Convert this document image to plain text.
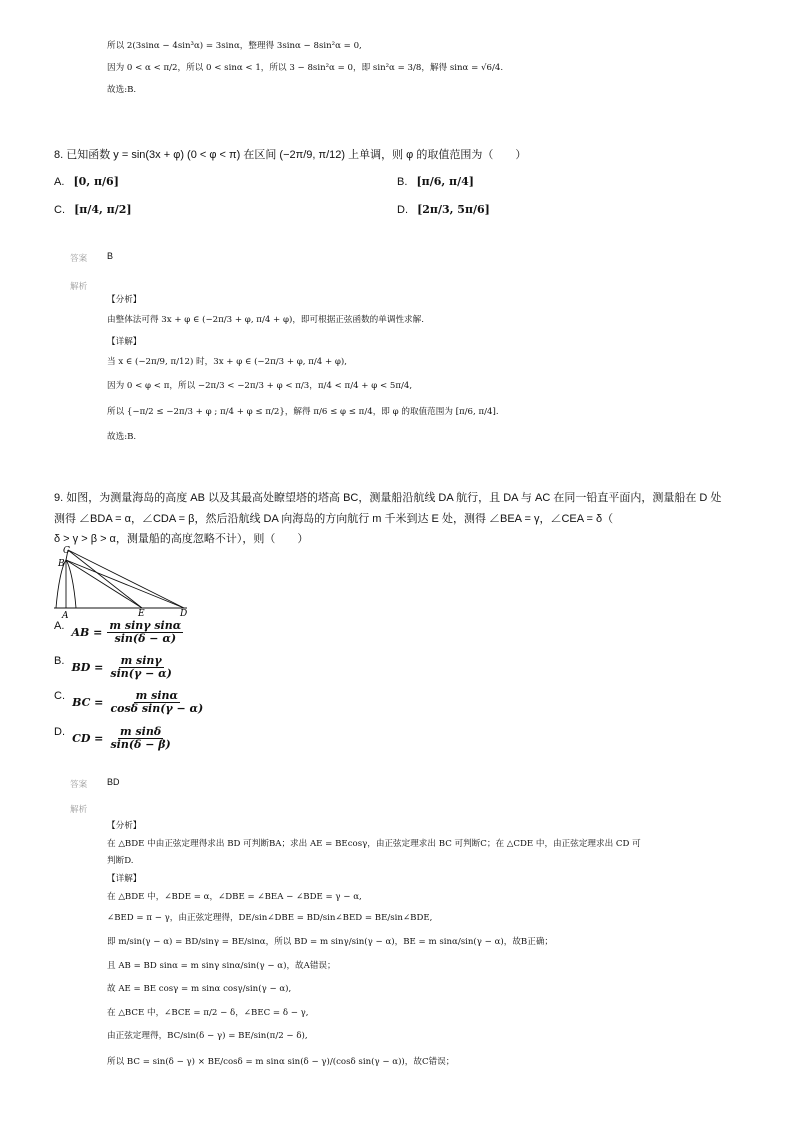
所以 2(3sinα − 4sin³α) = 3sinα，整理得 3sinα − 8sin²α = 0,
因为 0 < α < π/2，所以 0 < sinα < 1，所以 3 − 8sin²α = 0，即 sin²α = 3/8，解得 sinα = √6/4.
故选:B.
8. 已知函数 y = sin(3x + φ) (0 < φ < π) 在区间 (−2π/9, π/12) 上单调，则 φ 的取值范围为（　　）
A. [0, π/6]	B. [π/6, π/4]
C. [π/4, π/2]	D. [2π/3, 5π/6]
答案 B
解析
【分析】
由整体法可得 3x + φ ∈ (−2π/3 + φ, π/4 + φ)，即可根据正弦函数的单调性求解.
【详解】
当 x ∈ (−2π/9, π/12) 时，3x + φ ∈ (−2π/3 + φ, π/4 + φ),
因为 0 < φ < π，所以 −2π/3 < −2π/3 + φ < π/3，π/4 < π/4 + φ < 5π/4,
所以 {−π/2 ≤ −2π/3 + φ ; π/4 + φ ≤ π/2}，解得 π/6 ≤ φ ≤ π/4，即 φ 的取值范围为 [π/6, π/4].
故选:B.
9. 如图，为测量海岛的高度 AB 以及其最高处瞭望塔的塔高 BC，测量船沿航线 DA 航行，且 DA 与 AC 在同一铅直平面内，测量船在 D 处
测得 ∠BDA = α，∠CDA = β，然后沿航线 DA 向海岛的方向航行 m 千米到达 E 处，测得 ∠BEA = γ，∠CEA = δ（
δ > γ > β > α，测量船的高度忽略不计），则（　　）
C
B
A	E	D
A. AB = $\frac{\text{m sinγ sinα}}{\sin(\delta - \alpha)}$
B. BD = $\frac{\text{m sinγ}}{\sin(\gamma - \alpha)}$
C. BC = $\frac{\text{m sinα}}{\text{cosδ sin(γ − α)}}$
D. CD = $\frac{\text{m sinδ}}{\sin(\delta - \beta)}$
答案 BD
解析
【分析】
在 △BDE 中由正弦定理得求出 BD 可判断BA；求出 AE = BEcosγ，由正弦定理求出 BC 可判断C；在 △CDE 中，由正弦定理求出 CD 可
判断D.
【详解】
在 △BDE 中，∠BDE = α，∠DBE = ∠BEA − ∠BDE = γ − α,
∠BED = π − γ，由正弦定理得，DE/sin∠DBE = BD/sin∠BED = BE/sin∠BDE,
即 m/sin(γ − α) = BD/sinγ = BE/sinα，所以 BD = m sinγ/sin(γ − α)，BE = m sinα/sin(γ − α)，故B正确；
且 AB = BD sinα = m sinγ sinα/sin(γ − α)，故A错误；
故 AE = BE cosγ = m sinα cosγ/sin(γ − α),
在 △BCE 中，∠BCE = π/2 − δ，∠BEC = δ − γ,
由正弦定理得，BC/sin(δ − γ) = BE/sin(π/2 − δ),
所以 BC = sin(δ − γ) × BE/cosδ = m sinα sin(δ − γ)/(cosδ sin(γ − α))，故C错误；
